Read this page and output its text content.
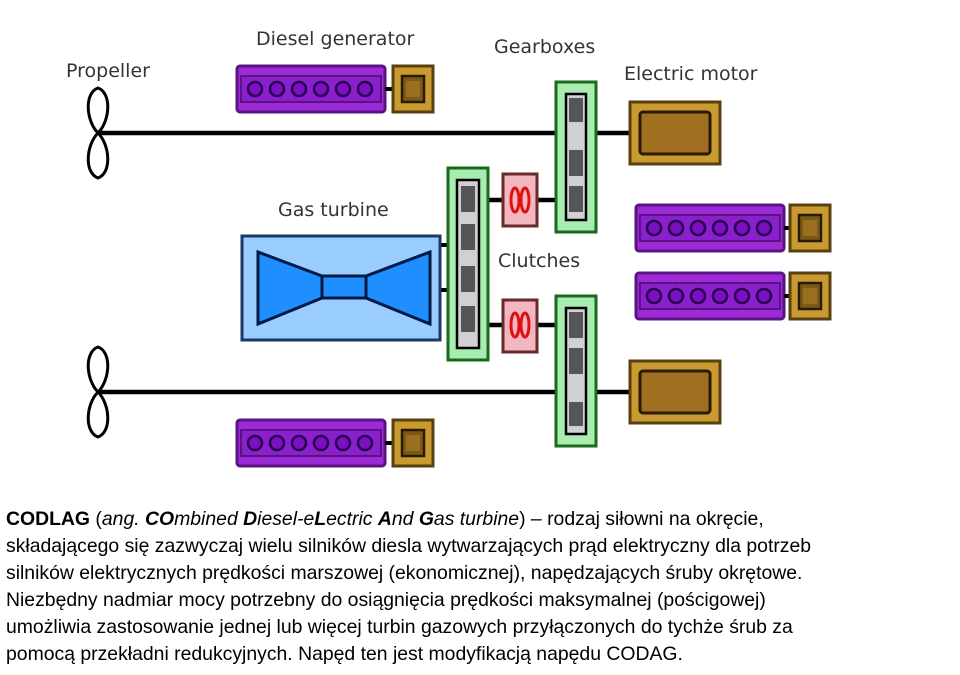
Propeller
Diesel generator	Gearboxes
Electric motor
Gas turbine
Clutches
CODLAG (ang. COmbined Diesel-eLectric And Gas turbine) – rodzaj siłowni na okręcie,
składającego się zazwyczaj wielu silników diesla wytwarzających prąd elektryczny dla potrzeb
silników elektrycznych prędkości marszowej (ekonomicznej), napędzających śruby okrętowe.
Niezbędny nadmiar mocy potrzebny do osiągnięcia prędkości maksymalnej (pościgowej)
umożliwia zastosowanie jednej lub więcej turbin gazowych przyłączonych do tychże śrub za
pomocą przekładni redukcyjnych. Napęd ten jest modyfikacją napędu CODAG.
